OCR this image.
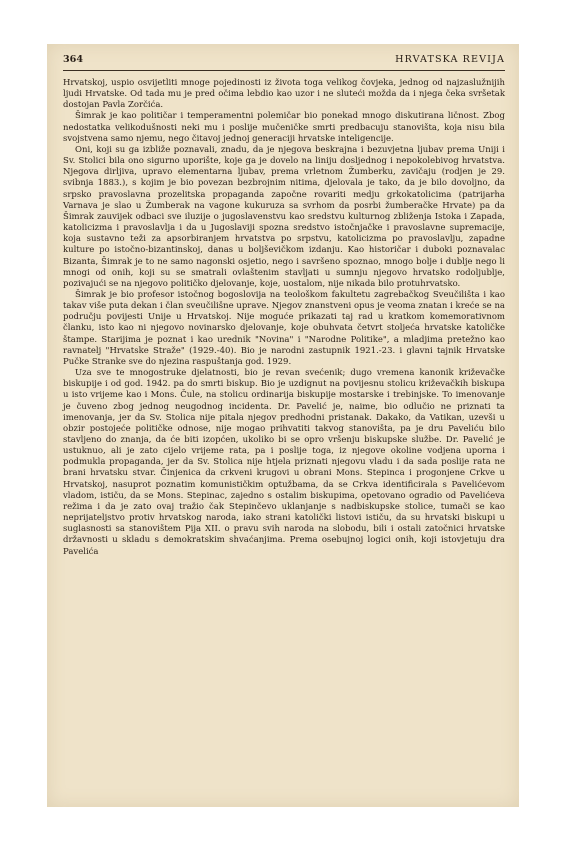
364	HRVATSKA REVIJA

Hrvatskoj, uspio osvijetliti mnoge pojedinosti iz života toga velikog čovjeka, jednog od najzaslužnijih ljudi Hrvatske. Od tada mu je pred očima lebdio kao uzor i ne sluteći možda da i njega čeka svršetak dostojan Pavla Zorčića.

Šimrak je kao političar i temperamentni polemičar bio ponekad mnogo diskutirana ličnost. Zbog nedostatka velikodušnosti neki mu i poslije mučeničke smrti predbacuju stanovišta, koja nisu bila svojstvena samo njemu, nego čitavoj jednoj generaciji hrvatske inteligencije.

Oni, koji su ga izbliže poznavali, znadu, da je njegova beskrajna i bezuvjetna ljubav prema Uniji i Sv. Stolici bila ono sigurno uporište, koje ga je dovelo na liniju dosljednog i nepokolebivog hrvatstva. Njegova dirljiva, upravo elementarna ljubav, prema vrletnom Žumberku, zavičaju (rodjen je 29. svibnja 1883.), s kojim je bio povezan bezbrojnim nitima, djelovala je tako, da je bilo dovoljno, da srpsko pravoslavna prozelitska propaganda započne rovariti medju grkokatolicima (patrijarha Varnava je slao u Žumberak na vagone kukuruza sa svrhom da posrbi žumberačke Hrvate) pa da Šimrak zauvijek odbaci sve iluzije o jugoslavenstvu kao sredstvu kulturnog zbliženja Istoka i Zapada, katolicizma i pravoslavlja i da u Jugoslaviji spozna sredstvo istočnjačke i pravoslavne supremacije, koja sustavno teži za apsorbiranjem hrvatstva po srpstvu, katolicizma po pravoslavlju, zapadne kulture po istočno-bizantinskoj, danas u boljševičkom izdanju. Kao historičar i duboki poznavalac Bizanta, Šimrak je to ne samo nagonski osjetio, nego i savršeno spoznao, mnogo bolje i dublje nego li mnogi od onih, koji su se smatrali ovlaštenim stavljati u sumnju njegovo hrvatsko rodoljublje, pozivajući se na njegovo političko djelovanje, koje, uostalom, nije nikada bilo protuhrvatsko.

Šimrak je bio profesor istočnog bogoslovija na teološkom fakultetu zagrebačkog Sveučilišta i kao takav više puta dekan i član sveučilišne uprave. Njegov znanstveni opus je veoma znatan i kreće se na području povijesti Unije u Hrvatskoj. Nije moguće prikazati taj rad u kratkom komemorativnom članku, isto kao ni njegovo novinarsko djelovanje, koje obuhvata četvrt stoljeća hrvatske katoličke štampe. Starijima je poznat i kao urednik "Novina" i "Narodne Politike", a mladjima pretežno kao ravnatelj "Hrvatske Straže" (1929.-40). Bio je narodni zastupnik 1921.-23. i glavni tajnik Hrvatske Pučke Stranke sve do njezina raspuštanja god. 1929.

Uza sve te mnogostruke djelatnosti, bio je revan svećenik; dugo vremena kanonik križevačke biskupije i od god. 1942. pa do smrti biskup. Bio je uzdignut na povijesnu stolicu križevačkih biskupa u isto vrijeme kao i Mons. Čule, na stolicu ordinarija biskupije mostarske i trebinjske. To imenovanje je čuveno zbog jednog neugodnog incidenta. Dr. Pavelić je, naime, bio odlučio ne priznati ta imenovanja, jer da Sv. Stolica nije pitala njegov predhodni pristanak. Dakako, da Vatikan, uzevši u obzir postojeće političke odnose, nije mogao prihvatiti takvog stanovišta, pa je dru Paveliću bilo stavljeno do znanja, da će biti izopćen, ukoliko bi se opro vršenju biskupske službe. Dr. Pavelić je ustuknuo, ali je zato cijelo vrijeme rata, pa i poslije toga, iz njegove okoline vodjena uporna i podmukla propaganda, jer da Sv. Stolica nije htjela priznati njegovu vladu i da sada poslije rata ne brani hrvatsku stvar. Činjenica da crkveni krugovi u obrani Mons. Stepinca i progonjene Crkve u Hrvatskoj, nasuprot poznatim komunističkim optužbama, da se Crkva identificirala s Pavelićevom vladom, ističu, da se Mons. Stepinac, zajedno s ostalim biskupima, opetovano ogradio od Pavelićeva režima i da je zato ovaj tražio čak Stepinčevo uklanjanje s nadbiskupske stolice, tumači se kao neprijateljstvo protiv hrvatskog naroda, iako strani katolički listovi ističu, da su hrvatski biskupi u suglasnosti sa stanovištem Pija XII. o pravu svih naroda na slobodu, bili i ostali zatočnici hrvatske državnosti u skladu s demokratskim shvaćanjima. Prema osebujnoj logici onih, koji istovjetuju dra Pavelića
